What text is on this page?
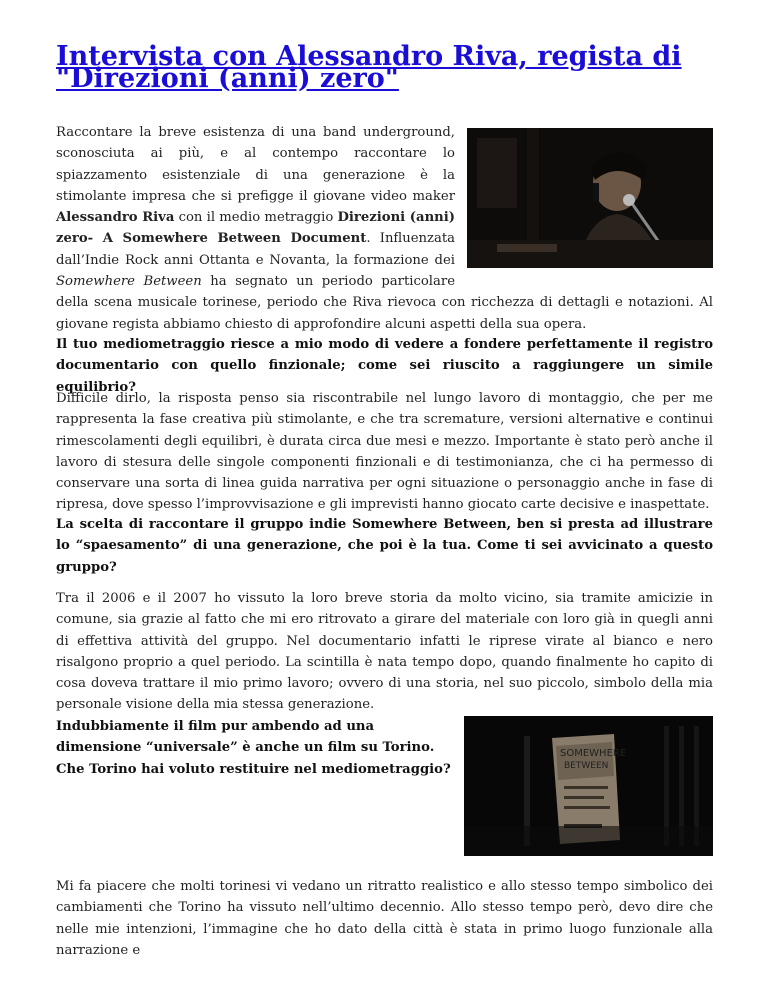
Intervista con Alessandro Riva, regista di "Direzioni (anni) zero"

Raccontare la breve esistenza di una band underground, sconosciuta ai più, e al contempo raccontare lo spiazzamento esistenziale di una generazione è la stimolante impresa che si prefigge il giovane video maker Alessandro Riva con il medio metraggio Direzioni (anni) zero- A Somewhere Between Document. Influenzata dall’Indie Rock anni Ottanta e Novanta, la formazione dei Somewhere Between ha segnato un periodo particolare della scena musicale torinese, periodo che Riva rievoca con ricchezza di dettagli e notazioni. Al giovane regista abbiamo chiesto di approfondire alcuni aspetti della sua opera.

Il tuo mediometraggio riesce a mio modo di vedere a fondere perfettamente il registro documentario con quello finzionale; come sei riuscito a raggiungere un simile equilibrio?

Difficile dirlo, la risposta penso sia riscontrabile nel lungo lavoro di montaggio, che per me rappresenta la fase creativa più stimolante, e che tra scremature, versioni alternative e continui rimescolamenti degli equilibri, è durata circa due mesi e mezzo. Importante è stato però anche il lavoro di stesura delle singole componenti finzionali e di testimonianza, che ci ha permesso di conservare una sorta di linea guida narrativa per ogni situazione o personaggio anche in fase di ripresa, dove spesso l’improvvisazione e gli imprevisti hanno giocato carte decisive e inaspettate.

La scelta di raccontare il gruppo indie Somewhere Between, ben si presta ad illustrare lo “spaesamento” di una generazione, che poi è la tua. Come ti sei avvicinato a questo gruppo?

Tra il 2006 e il 2007 ho vissuto la loro breve storia da molto vicino, sia tramite amicizie in comune, sia grazie al fatto che mi ero ritrovato a girare del materiale con loro già in quegli anni di effettiva attività del gruppo. Nel documentario infatti le riprese virate al bianco e nero risalgono proprio a quel periodo. La scintilla è nata tempo dopo, quando finalmente ho capito di cosa doveva trattare il mio primo lavoro; ovvero di una storia, nel suo piccolo, simbolo della mia personale visione della mia stessa generazione.

SOMEWHERE
BETWEEN

Indubbiamente il film pur ambendo ad una dimensione “universale” è anche un film su Torino. Che Torino hai voluto restituire nel mediometraggio?

Mi fa piacere che molti torinesi vi vedano un ritratto realistico e allo stesso tempo simbolico dei cambiamenti che Torino ha vissuto nell’ultimo decennio. Allo stesso tempo però, devo dire che nelle mie intenzioni, l’immagine che ho dato della città è stata in primo luogo funzionale alla narrazione e
